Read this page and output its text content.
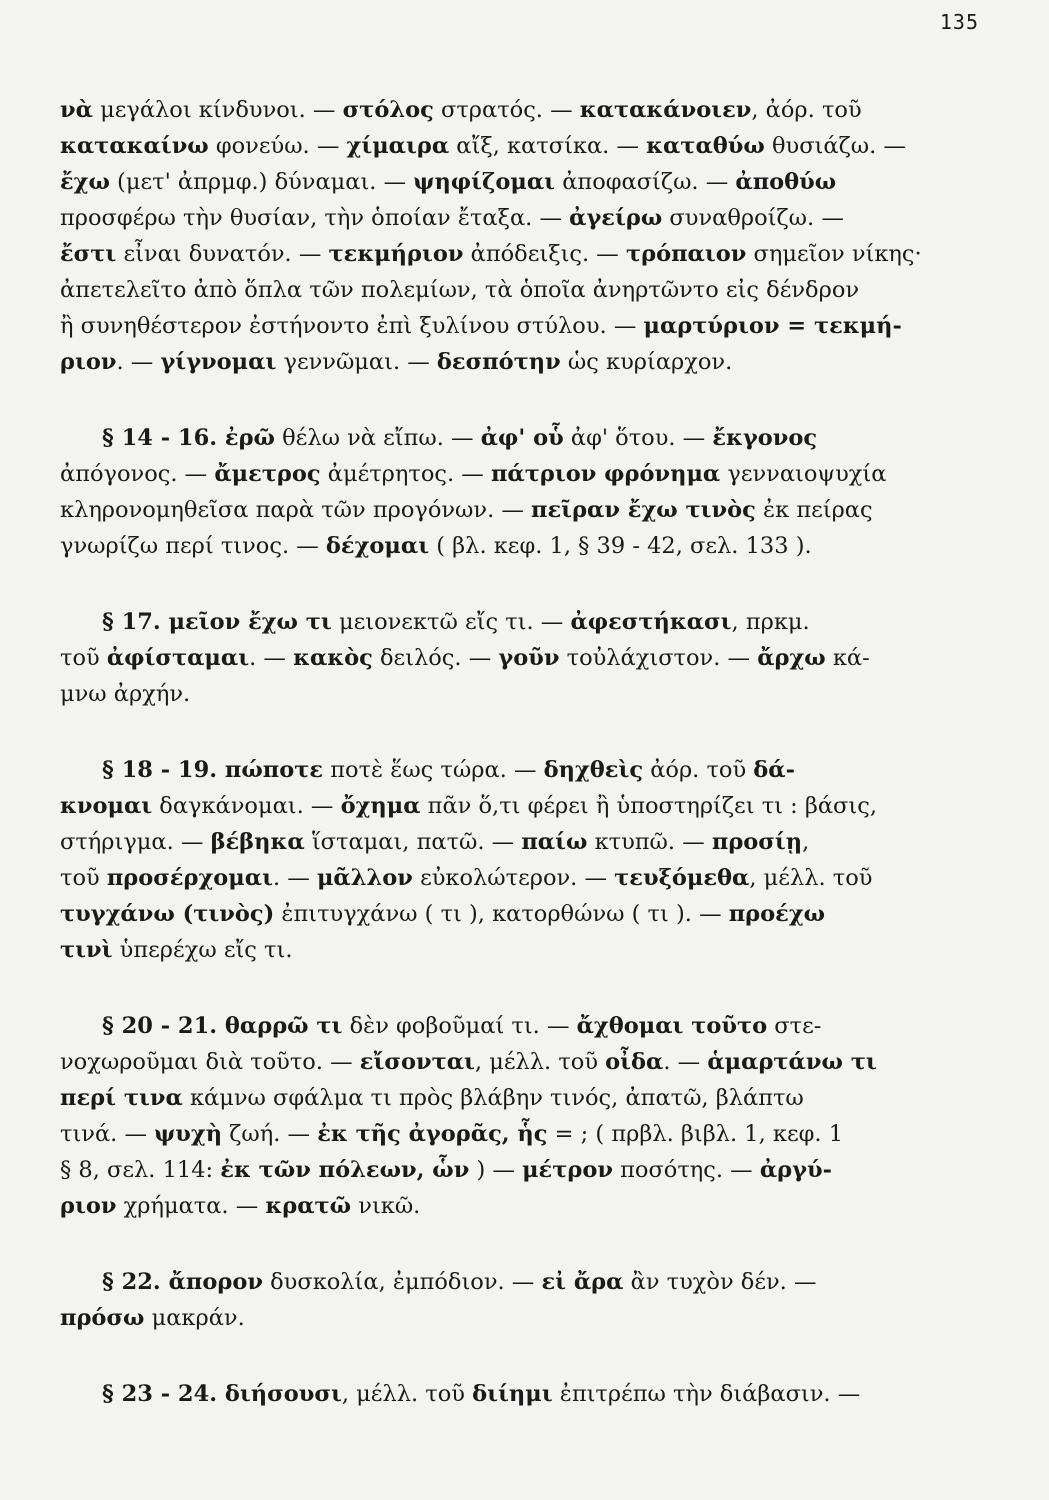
135
νὰ μεγάλοι κίνδυνοι. — στόλος στρατός. — κατακάνοιεν, ἀόρ. τοῦ
κατακαίνω φονεύω. — χίμαιρα αἴξ, κατσίκα. — καταθύω θυσιάζω. —
ἔχω (μετ' ἀπρμφ.) δύναμαι. — ψηφίζομαι ἀποφασίζω. — ἀποθύω
προσφέρω τὴν θυσίαν, τὴν ὁποίαν ἔταξα. — ἀγείρω συναθροίζω. —
ἔστι εἶναι δυνατόν. — τεκμήριον ἀπόδειξις. — τρόπαιον σημεῖον νίκης·
ἀπετελεῖτο ἀπὸ ὅπλα τῶν πολεμίων, τὰ ὁποῖα ἀνηρτῶντο εἰς δένδρον
ἢ συνηθέστερον ἐστήνοντο ἐπὶ ξυλίνου στύλου. — μαρτύριον = τεκμή-
ριον. — γίγνομαι γεννῶμαι. — δεσπότην ὡς κυρίαρχον.
§ 14 - 16. ἐρῶ θέλω νὰ εἴπω. — ἀφ' οὗ ἀφ' ὅτου. — ἔκγονος
ἀπόγονος. — ἄμετρος ἀμέτρητος. — πάτριον φρόνημα γενναιοψυχία
κληρονομηθεῖσα παρὰ τῶν προγόνων. — πεῖραν ἔχω τινὸς ἐκ πείρας
γνωρίζω περί τινος. — δέχομαι ( βλ. κεφ. 1, § 39 - 42, σελ. 133 ).
§ 17. μεῖον ἔχω τι μειονεκτῶ εἴς τι. — ἀφεστήκασι, πρκμ.
τοῦ ἀφίσταμαι. — κακὸς δειλός. — γοῦν τοὐλάχιστον. — ἄρχω κά-
μνω ἀρχήν.
§ 18 - 19. πώποτε ποτὲ ἕως τώρα. — δηχθεὶς ἀόρ. τοῦ δά-
κνομαι δαγκάνομαι. — ὄχημα πᾶν ὅ,τι φέρει ἢ ὑποστηρίζει τι : βάσις,
στήριγμα. — βέβηκα ἵσταμαι, πατῶ. — παίω κτυπῶ. — προσίῃ,
τοῦ προσέρχομαι. — μᾶλλον εὐκολώτερον. — τευξόμεθα, μέλλ. τοῦ
τυγχάνω (τινὸς) ἐπιτυγχάνω ( τι ), κατορθώνω ( τι ). — προέχω
τινὶ ὑπερέχω εἴς τι.
§ 20 - 21. θαρρῶ τι δὲν φοβοῦμαί τι. — ἄχθομαι τοῦτο στε-
νοχωροῦμαι διὰ τοῦτο. — εἴσονται, μέλλ. τοῦ οἶδα. — ἁμαρτάνω τι
περί τινα κάμνω σφάλμα τι πρὸς βλάβην τινός, ἀπατῶ, βλάπτω
τινά. — ψυχὴ ζωή. — ἐκ τῆς ἀγορᾶς, ἧς = ; ( πρβλ. βιβλ. 1, κεφ. 1
§ 8, σελ. 114: ἐκ τῶν πόλεων, ὧν ) — μέτρον ποσότης. — ἀργύ-
ριον χρήματα. — κρατῶ νικῶ.
§ 22. ἄπορον δυσκολία, ἐμπόδιον. — εἰ ἄρα ἂν τυχὸν δέν. —
πρόσω μακράν.
§ 23 - 24. διήσουσι, μέλλ. τοῦ διίημι ἐπιτρέπω τὴν διάβασιν. —
